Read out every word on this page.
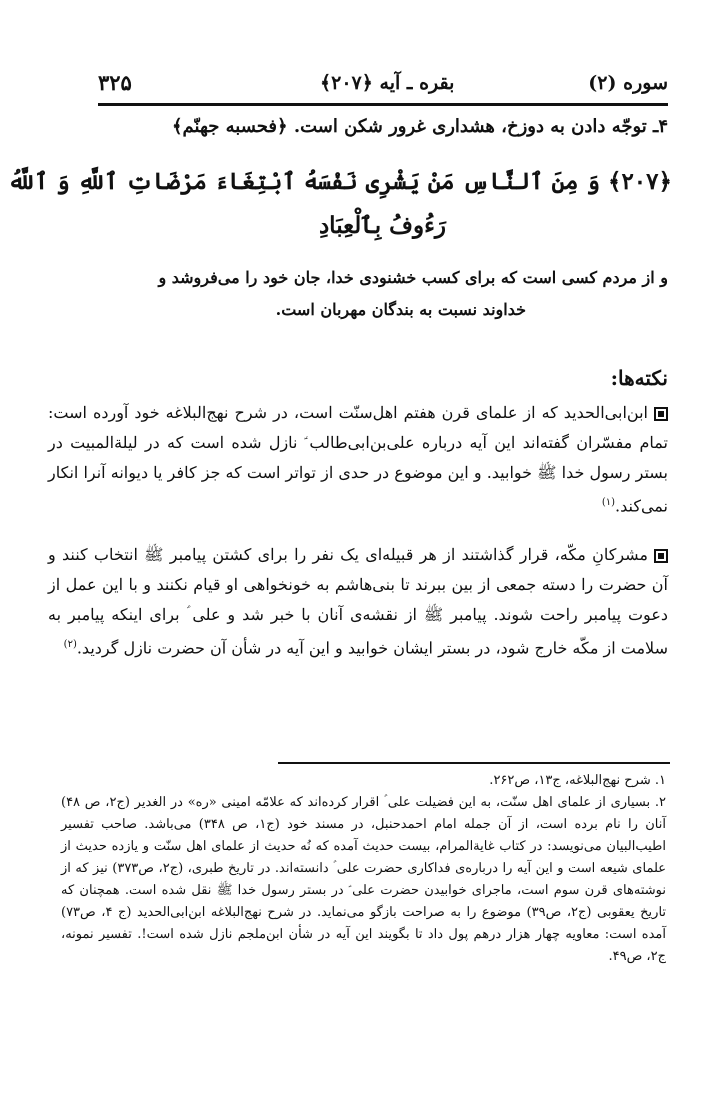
۳۲۵	بقره ـ آیه ﴿۲۰۷﴾	سوره (۲)
۴ـ توجّه دادن به دوزخ، هشداری غرور شکن است. ﴿فحسبه جهنّم﴾
﴿۲۰۷﴾ وَ مِنَ ٱلنَّاسِ مَنْ یَشْرِی نَفْسَهُ ٱبْتِغَاءَ مَرْضَاتِ ٱللَّهِ وَ ٱللَّهُ
رَءُوفُ بِٱلْعِبَادِ
و از مردم کسی است که برای کسب خشنودی خدا، جان خود را می‌فروشد و
خداوند نسبت به بندگان مهربان است.
نکته‌ها:
ابن‌ابی‌الحدید که از علمای قرن هفتم اهل‌سنّت است، در شرح نهج‌البلاغه خود آورده است: تمام مفسّران گفته‌اند این آیه درباره علی‌بن‌ابی‌طالب ؑ نازل شده است که در لیلة‌المبیت در بستر رسول خدا ﷺ خوابید. و این موضوع در حدی از تواتر است که جز کافر یا دیوانه آنرا انکار نمی‌کند.$^{(۱)}$
مشرکانِ مکّه، قرار گذاشتند از هر قبیله‌ای یک نفر را برای کشتن پیامبر ﷺ انتخاب کنند و آن حضرت را دسته جمعی از بین ببرند تا بنی‌هاشم به خونخواهی او قیام نکنند و با این عمل از دعوت پیامبر راحت شوند. پیامبر ﷺ از نقشه‌ی آنان با خبر شد و علی ؑ برای اینکه پیامبر به سلامت از مکّه خارج شود، در بستر ایشان خوابید و این آیه در شأن آن حضرت نازل گردید.$^{(۲)}$

۱. شرح نهج‌البلاغه، ج۱۳، ص۲۶۲.

۲. بسیاری از علمای اهل سنّت، به این فضیلت علی ؑ اقرار کرده‌اند که علامّه امینی «ره» در الغدیر (ج۲، ص ۴۸) آنان را نام برده است، از آن جمله امام احمدحنبل، در مسند خود (ج۱، ص ۳۴۸) می‌باشد. صاحب تفسیر اطیب‌البیان می‌نویسد: در کتاب غایة‌المرام، بیست حدیث آمده که نُه حدیث از علمای اهل سنّت و یازده حدیث از علمای شیعه است و این آیه را درباره‌ی فداکاری حضرت علی ؑ دانسته‌اند. در تاریخ طبری، (ج۲، ص۳۷۳) نیز که از نوشته‌های قرن سوم است، ماجرای خوابیدن حضرت علی ؑ در بستر رسول خدا ﷺ نقل شده است. همچنان که تاریخ یعقوبی (ج۲، ص۳۹) موضوع را به صراحت بازگو می‌نماید. در شرح نهج‌البلاغه ابن‌ابی‌الحدید (ج ۴، ص۷۳) آمده است: معاویه چهار هزار درهم پول داد تا بگویند این آیه در شأن ابن‌ملجم نازل شده است!. تفسیر نمونه، ج۲، ص۴۹.
